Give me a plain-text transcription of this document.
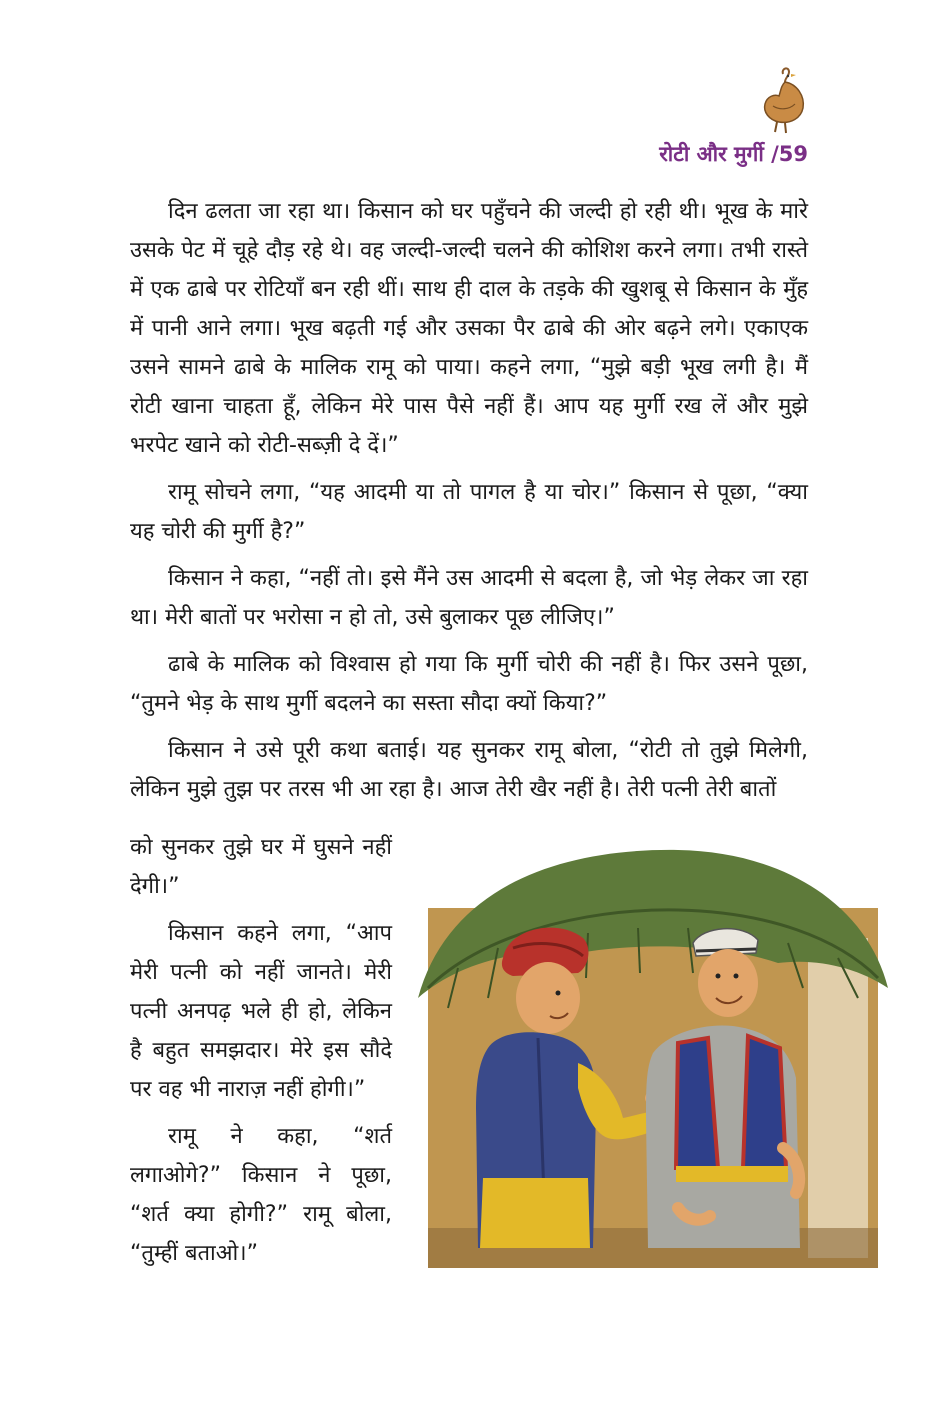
रोटी और मुर्गी /59

दिन ढलता जा रहा था। किसान को घर पहुँचने की जल्दी हो रही थी। भूख के मारे उसके पेट में चूहे दौड़ रहे थे। वह जल्दी-जल्दी चलने की कोशिश करने लगा। तभी रास्ते में एक ढाबे पर रोटियाँ बन रही थीं। साथ ही दाल के तड़के की खुशबू से किसान के मुँह में पानी आने लगा। भूख बढ़ती गई और उसका पैर ढाबे की ओर बढ़ने लगे। एकाएक उसने सामने ढाबे के मालिक रामू को पाया। कहने लगा, “मुझे बड़ी भूख लगी है। मैं रोटी खाना चाहता हूँ, लेकिन मेरे पास पैसे नहीं हैं। आप यह मुर्गी रख लें और मुझे भरपेट खाने को रोटी-सब्ज़ी दे दें।”

रामू सोचने लगा, “यह आदमी या तो पागल है या चोर।” किसान से पूछा, “क्या यह चोरी की मुर्गी है?”

किसान ने कहा, “नहीं तो। इसे मैंने उस आदमी से बदला है, जो भेड़ लेकर जा रहा था। मेरी बातों पर भरोसा न हो तो, उसे बुलाकर पूछ लीजिए।”

ढाबे के मालिक को विश्वास हो गया कि मुर्गी चोरी की नहीं है। फिर उसने पूछा, “तुमने भेड़ के साथ मुर्गी बदलने का सस्ता सौदा क्यों किया?”

किसान ने उसे पूरी कथा बताई। यह सुनकर रामू बोला, “रोटी तो तुझे मिलेगी, लेकिन मुझे तुझ पर तरस भी आ रहा है। आज तेरी खैर नहीं है। तेरी पत्नी तेरी बातों

को सुनकर तुझे घर में घुसने नहीं देगी।”

किसान कहने लगा, “आप मेरी पत्नी को नहीं जानते। मेरी पत्नी अनपढ़ भले ही हो, लेकिन है बहुत समझदार। मेरे इस सौदे पर वह भी नाराज़ नहीं होगी।”

रामू ने कहा, “शर्त लगाओगे?” किसान ने पूछा, “शर्त क्या होगी?” रामू बोला, “तुम्हीं बताओ।”
